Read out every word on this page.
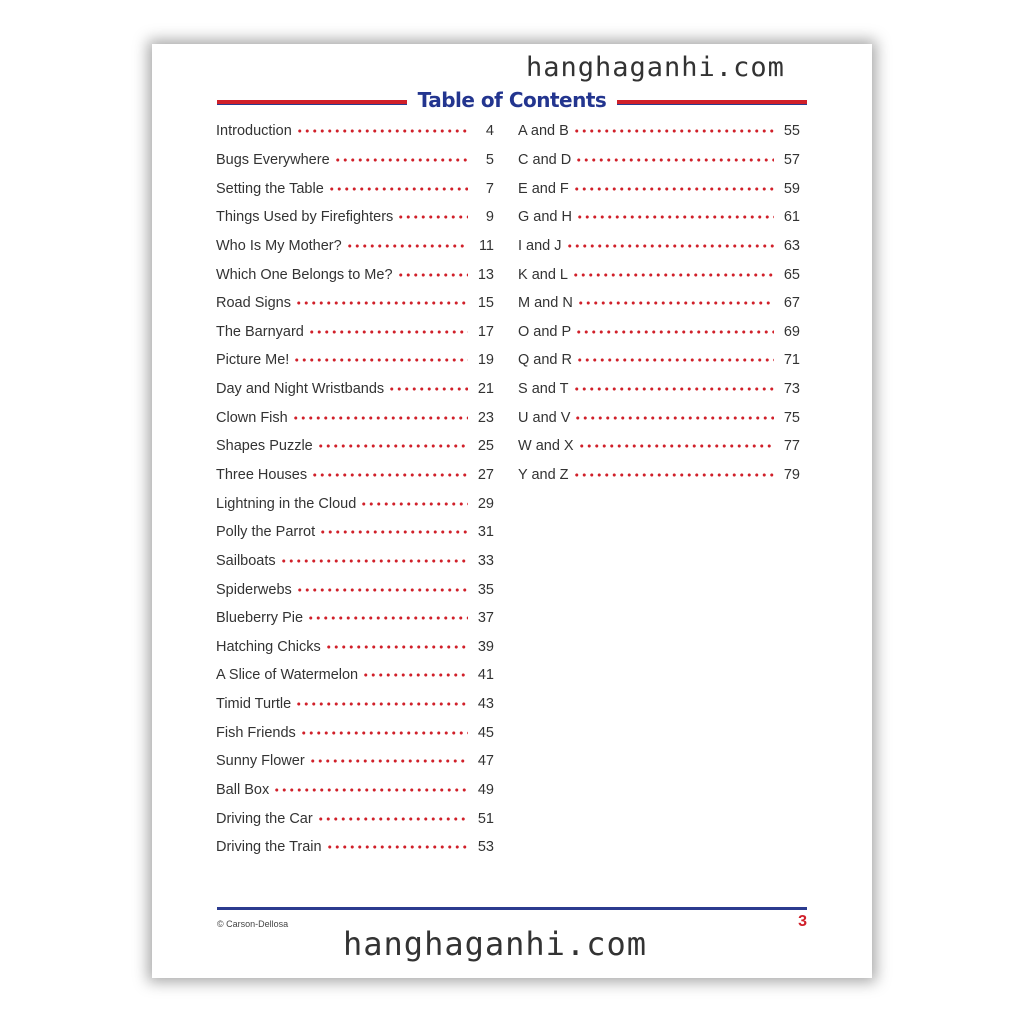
hanghaganhi.com
Table of Contents
Introduction	4
Bugs Everywhere	5
Setting the Table	7
Things Used by Firefighters	9
Who Is My Mother?	11
Which One Belongs to Me?	13
Road Signs	15
The Barnyard	17
Picture Me!	19
Day and Night Wristbands	21
Clown Fish	23
Shapes Puzzle	25
Three Houses	27
Lightning in the Cloud	29
Polly the Parrot	31
Sailboats	33
Spiderwebs	35
Blueberry Pie	37
Hatching Chicks	39
A Slice of Watermelon	41
Timid Turtle	43
Fish Friends	45
Sunny Flower	47
Ball Box	49
Driving the Car	51
Driving the Train	53
A and B	55
C and D	57
E and F	59
G and H	61
I and J	63
K and L	65
M and N	67
O and P	69
Q and R	71
S and T	73
U and V	75
W and X	77
Y and Z	79
© Carson-Dellosa	3
hanghaganhi.com
